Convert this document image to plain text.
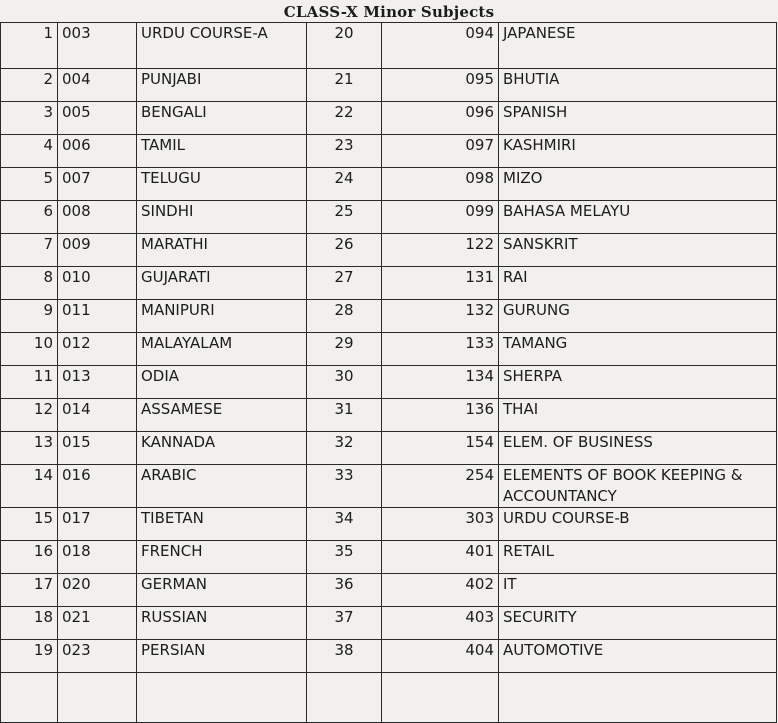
CLASS-X Minor Subjects
1	003	URDU COURSE-A	20	094	JAPANESE
2	004	PUNJABI	21	095	BHUTIA
3	005	BENGALI	22	096	SPANISH
4	006	TAMIL	23	097	KASHMIRI
5	007	TELUGU	24	098	MIZO
6	008	SINDHI	25	099	BAHASA MELAYU
7	009	MARATHI	26	122	SANSKRIT
8	010	GUJARATI	27	131	RAI
9	011	MANIPURI	28	132	GURUNG
10	012	MALAYALAM	29	133	TAMANG
11	013	ODIA	30	134	SHERPA
12	014	ASSAMESE	31	136	THAI
13	015	KANNADA	32	154	ELEM. OF BUSINESS
14	016	ARABIC	33	254	ELEMENTS OF BOOK KEEPING & ACCOUNTANCY
15	017	TIBETAN	34	303	URDU COURSE-B
16	018	FRENCH	35	401	RETAIL
17	020	GERMAN	36	402	IT
18	021	RUSSIAN	37	403	SECURITY
19	023	PERSIAN	38	404	AUTOMOTIVE
